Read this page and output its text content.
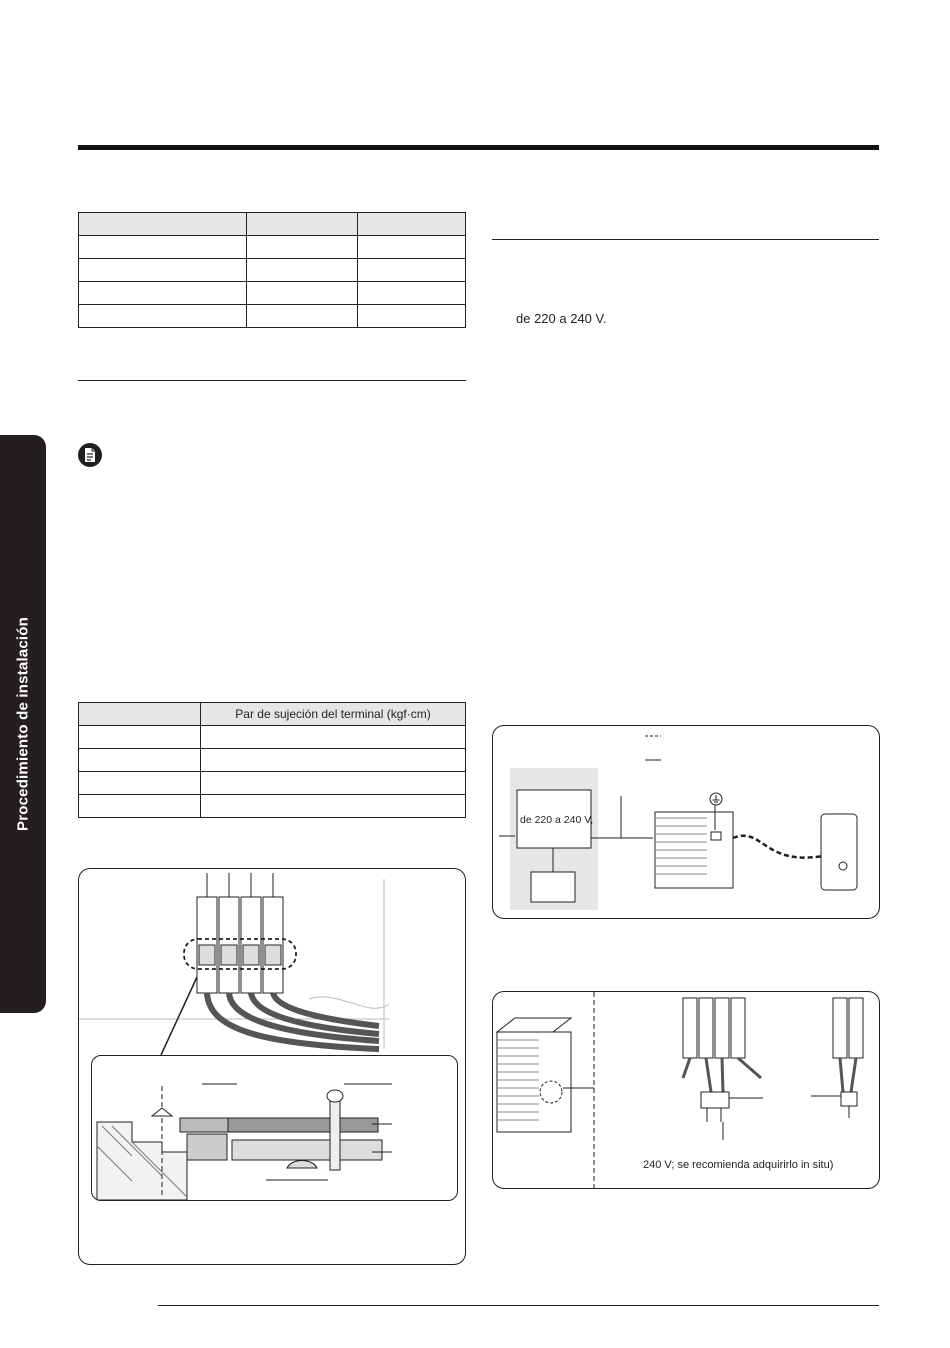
Procedimiento de instalación

de 220 a 240 V.
	Par de sujeción del terminal (kgf·cm)

de 220 a 240 V,
240 V; se recomienda adquirirlo in situ)
